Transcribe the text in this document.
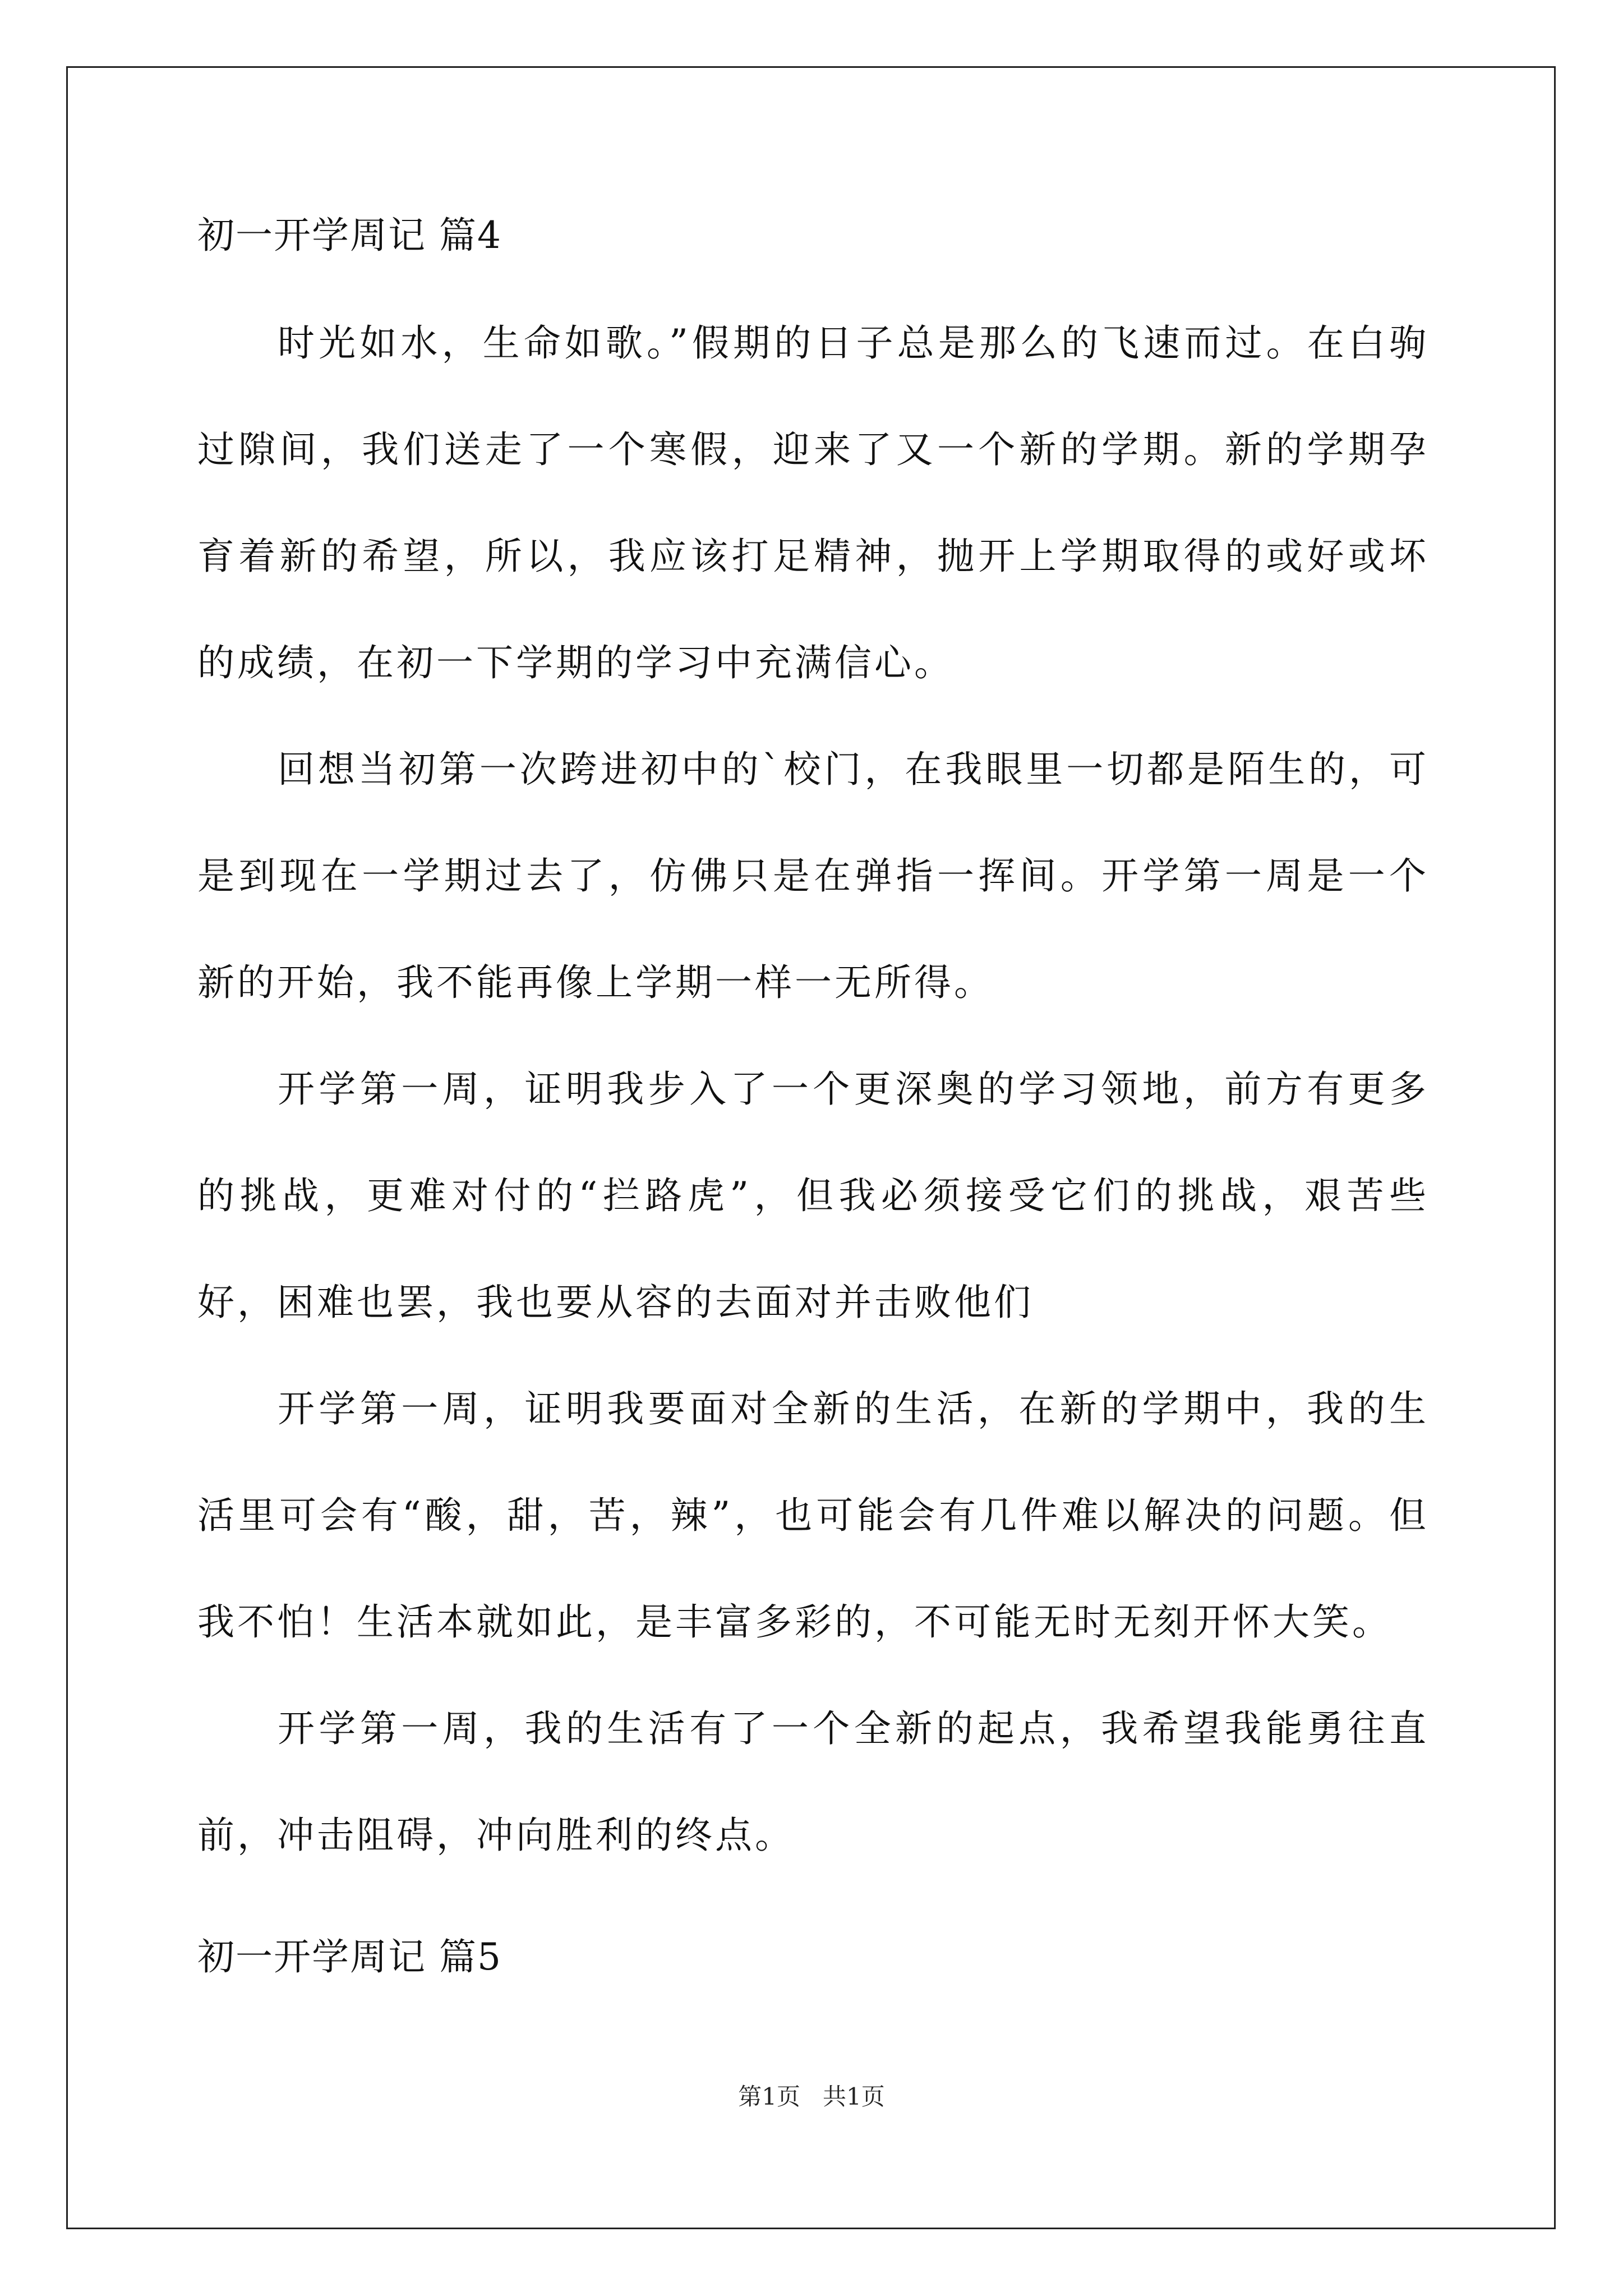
初一开学周记 篇4

时光如水，生命如歌。”假期的日子总是那么的飞速而过。在白驹过隙间，我们送走了一个寒假，迎来了又一个新的学期。新的学期孕育着新的希望，所以，我应该打足精神，抛开上学期取得的或好或坏的成绩，在初一下学期的学习中充满信心。

回想当初第一次跨进初中的`校门，在我眼里一切都是陌生的，可是到现在一学期过去了，仿佛只是在弹指一挥间。开学第一周是一个新的开始，我不能再像上学期一样一无所得。

开学第一周，证明我步入了一个更深奥的学习领地，前方有更多的挑战，更难对付的“拦路虎”，但我必须接受它们的挑战，艰苦些好，困难也罢，我也要从容的去面对并击败他们

开学第一周，证明我要面对全新的生活，在新的学期中，我的生活里可会有“酸，甜，苦，辣”，也可能会有几件难以解决的问题。但我不怕！生活本就如此，是丰富多彩的，不可能无时无刻开怀大笑。

开学第一周，我的生活有了一个全新的起点，我希望我能勇往直前，冲击阻碍，冲向胜利的终点。

初一开学周记 篇5
第1页 共1页
